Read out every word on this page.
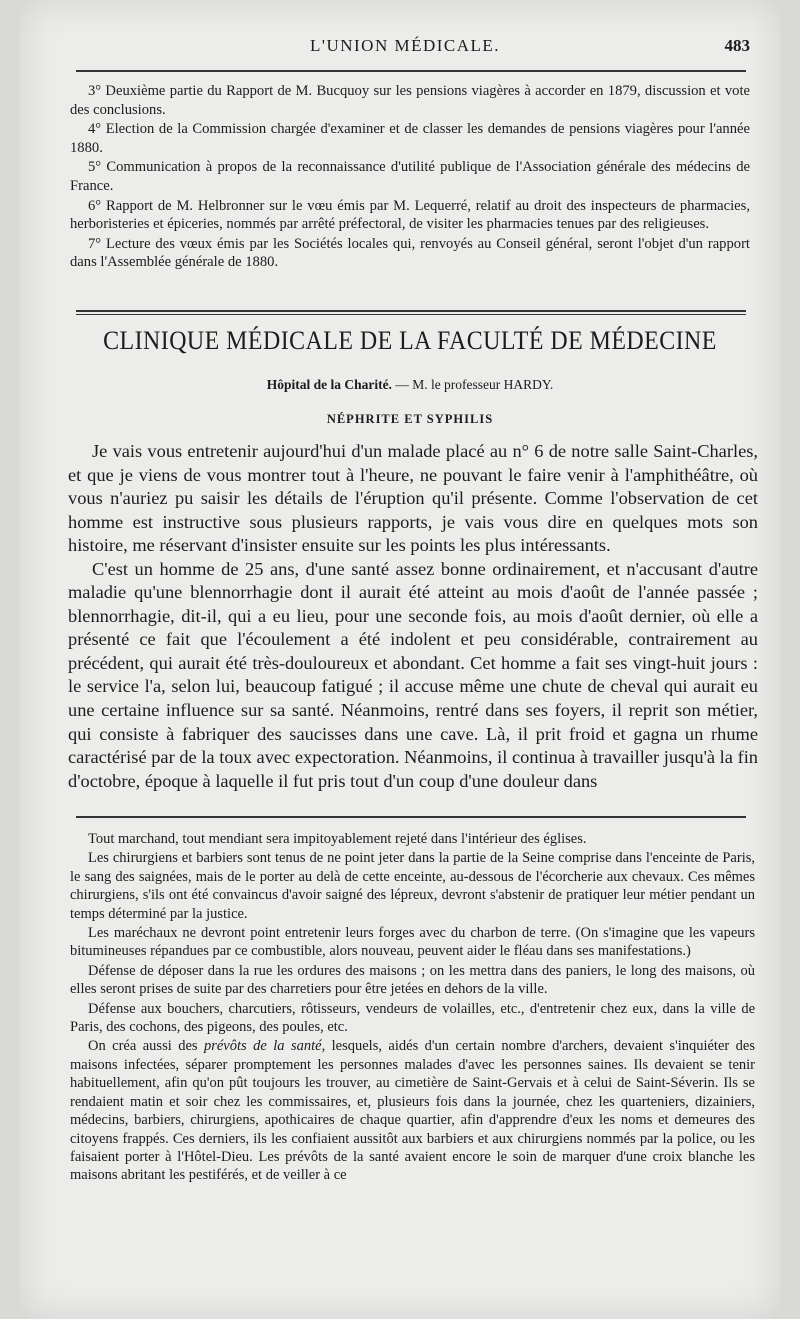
L'UNION MÉDICALE.	483

3° Deuxième partie du Rapport de M. Bucquoy sur les pensions viagères à accorder en 1879, discussion et vote des conclusions.

4° Election de la Commission chargée d'examiner et de classer les demandes de pensions viagères pour l'année 1880.

5° Communication à propos de la reconnaissance d'utilité publique de l'Association générale des médecins de France.

6° Rapport de M. Helbronner sur le vœu émis par M. Lequerré, relatif au droit des inspecteurs de pharmacies, herboristeries et épiceries, nommés par arrêté préfectoral, de visiter les pharmacies tenues par des religieuses.

7° Lecture des vœux émis par les Sociétés locales qui, renvoyés au Conseil général, seront l'objet d'un rapport dans l'Assemblée générale de 1880.

CLINIQUE MÉDICALE DE LA FACULTÉ DE MÉDECINE
Hôpital de la Charité. — M. le professeur HARDY.
NÉPHRITE ET SYPHILIS

Je vais vous entretenir aujourd'hui d'un malade placé au n° 6 de notre salle Saint-Charles, et que je viens de vous montrer tout à l'heure, ne pouvant le faire venir à l'amphithéâtre, où vous n'auriez pu saisir les détails de l'éruption qu'il présente. Comme l'observation de cet homme est instructive sous plusieurs rapports, je vais vous dire en quelques mots son histoire, me réservant d'insister ensuite sur les points les plus intéressants.

C'est un homme de 25 ans, d'une santé assez bonne ordinairement, et n'accusant d'autre maladie qu'une blennorrhagie dont il aurait été atteint au mois d'août de l'année passée ; blennorrhagie, dit-il, qui a eu lieu, pour une seconde fois, au mois d'août dernier, où elle a présenté ce fait que l'écoulement a été indolent et peu considérable, contrairement au précédent, qui aurait été très-douloureux et abondant. Cet homme a fait ses vingt-huit jours : le service l'a, selon lui, beaucoup fatigué ; il accuse même une chute de cheval qui aurait eu une certaine influence sur sa santé. Néanmoins, rentré dans ses foyers, il reprit son métier, qui consiste à fabriquer des saucisses dans une cave. Là, il prit froid et gagna un rhume caractérisé par de la toux avec expectoration. Néanmoins, il continua à travailler jusqu'à la fin d'octobre, époque à laquelle il fut pris tout d'un coup d'une douleur dans

Tout marchand, tout mendiant sera impitoyablement rejeté dans l'intérieur des églises.

Les chirurgiens et barbiers sont tenus de ne point jeter dans la partie de la Seine comprise dans l'enceinte de Paris, le sang des saignées, mais de le porter au delà de cette enceinte, au-dessous de l'écorcherie aux chevaux. Ces mêmes chirurgiens, s'ils ont été convaincus d'avoir saigné des lépreux, devront s'abstenir de pratiquer leur métier pendant un temps déterminé par la justice.

Les maréchaux ne devront point entretenir leurs forges avec du charbon de terre. (On s'imagine que les vapeurs bitumineuses répandues par ce combustible, alors nouveau, peuvent aider le fléau dans ses manifestations.)

Défense de déposer dans la rue les ordures des maisons ; on les mettra dans des paniers, le long des maisons, où elles seront prises de suite par des charretiers pour être jetées en dehors de la ville.

Défense aux bouchers, charcutiers, rôtisseurs, vendeurs de volailles, etc., d'entretenir chez eux, dans la ville de Paris, des cochons, des pigeons, des poules, etc.

On créa aussi des prévôts de la santé, lesquels, aidés d'un certain nombre d'archers, devaient s'inquiéter des maisons infectées, séparer promptement les personnes malades d'avec les personnes saines. Ils devaient se tenir habituellement, afin qu'on pût toujours les trouver, au cimetière de Saint-Gervais et à celui de Saint-Séverin. Ils se rendaient matin et soir chez les commissaires, et, plusieurs fois dans la journée, chez les quarteniers, dizainiers, médecins, barbiers, chirurgiens, apothicaires de chaque quartier, afin d'apprendre d'eux les noms et demeures des citoyens frappés. Ces derniers, ils les confiaient aussitôt aux barbiers et aux chirurgiens nommés par la police, ou les faisaient porter à l'Hôtel-Dieu. Les prévôts de la santé avaient encore le soin de marquer d'une croix blanche les maisons abritant les pestiférés, et de veiller à ce
